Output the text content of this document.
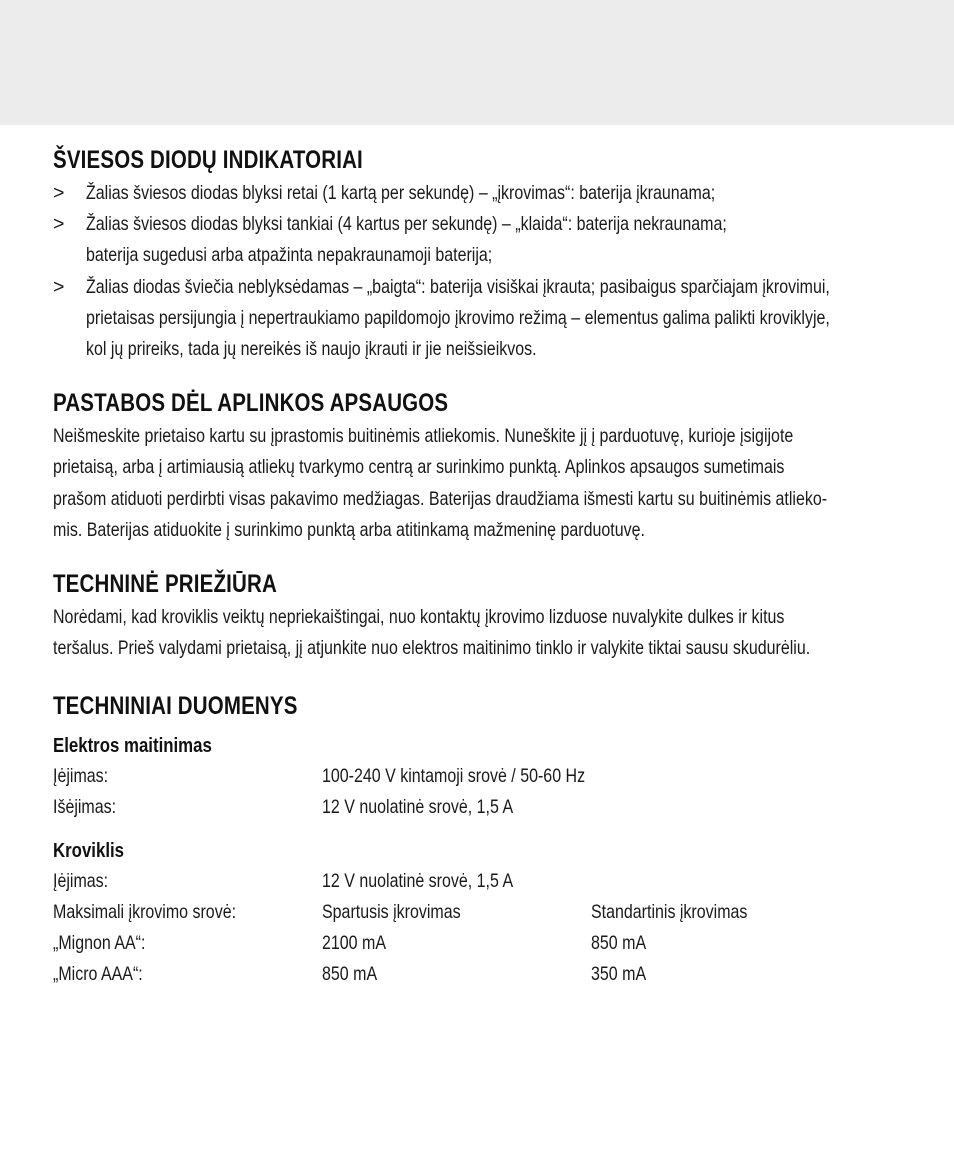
ŠVIESOS DIODŲ INDIKATORIAI
>	Žalias šviesos diodas blyksi retai (1 kartą per sekundę) – „įkrovimas“: baterija įkraunama;
>	Žalias šviesos diodas blyksi tankiai (4 kartus per sekundę) – „klaida“: baterija nekraunama;
baterija sugedusi arba atpažinta nepakraunamoji baterija;
>	Žalias diodas šviečia neblyksėdamas – „baigta“: baterija visiškai įkrauta; pasibaigus sparčiajam įkrovimui,
prietaisas persijungia į nepertraukiamo papildomojo įkrovimo režimą – elementus galima palikti kroviklyje,
kol jų prireiks, tada jų nereikės iš naujo įkrauti ir jie neišsieikvos.
PASTABOS DĖL APLINKOS APSAUGOS
Neišmeskite prietaiso kartu su įprastomis buitinėmis atliekomis. Nuneškite jį į parduotuvę, kurioje įsigijote
prietaisą, arba į artimiausią atliekų tvarkymo centrą ar surinkimo punktą. Aplinkos apsaugos sumetimais
prašom atiduoti perdirbti visas pakavimo medžiagas. Baterijas draudžiama išmesti kartu su buitinėmis atlieko-
mis. Baterijas atiduokite į surinkimo punktą arba atitinkamą mažmeninę parduotuvę.
TECHNINĖ PRIEŽIŪRA
Norėdami, kad kroviklis veiktų nepriekaištingai, nuo kontaktų įkrovimo lizduose nuvalykite dulkes ir kitus
teršalus. Prieš valydami prietaisą, jį atjunkite nuo elektros maitinimo tinklo ir valykite tiktai sausu skudurėliu.
TECHNINIAI DUOMENYS
Elektros maitinimas
Įėjimas:	100-240 V kintamoji srovė / 50-60 Hz
Išėjimas:	12 V nuolatinė srovė, 1,5 A
Kroviklis
Įėjimas:	12 V nuolatinė srovė, 1,5 A
Maksimali įkrovimo srovė:	Spartusis įkrovimas	Standartinis įkrovimas
„Mignon AA“:	2100 mA	850 mA
„Micro AAA“:	850 mA	350 mA
